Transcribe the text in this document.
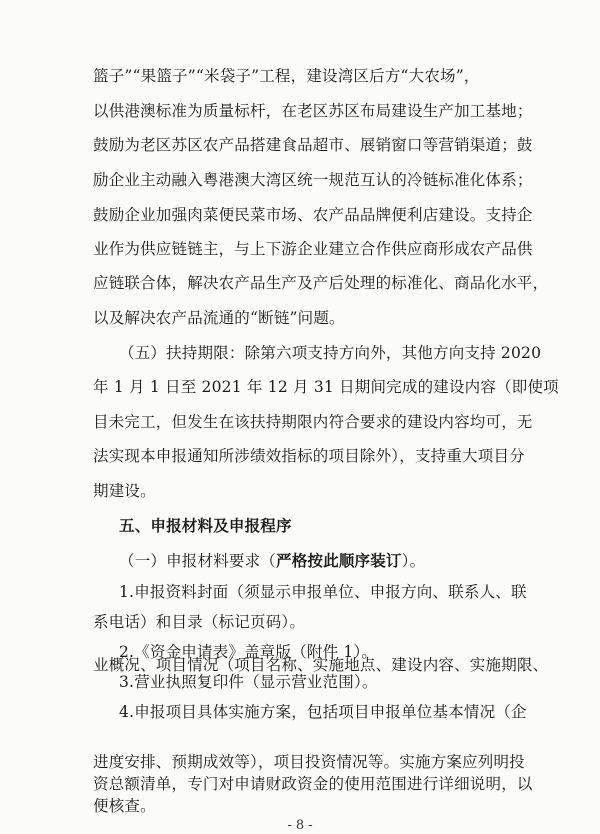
篮子”“果篮子”“米袋子”工程，建设湾区后方“大农场”，
以供港澳标准为质量标杆，在老区苏区布局建设生产加工基地；
鼓励为老区苏区农产品搭建食品超市、展销窗口等营销渠道；鼓
励企业主动融入粤港澳大湾区统一规范互认的冷链标准化体系；
鼓励企业加强肉菜便民菜市场、农产品品牌便利店建设。支持企
业作为供应链链主，与上下游企业建立合作供应商形成农产品供
应链联合体，解决农产品生产及产后处理的标准化、商品化水平，
以及解决农产品流通的“断链”问题。
（五）扶持期限：除第六项支持方向外，其他方向支持 2020
年 1 月 1 日至 2021 年 12 月 31 日期间完成的建设内容（即使项
目未完工，但发生在该扶持期限内符合要求的建设内容均可，无
法实现本申报通知所涉绩效指标的项目除外），支持重大项目分
期建设。
五、申报材料及申报程序
（一）申报材料要求（严格按此顺序装订）。
1.申报资料封面（须显示申报单位、申报方向、联系人、联
系电话）和目录（标记页码）。
2.《资金申请表》盖章版（附件 1）。
3.营业执照复印件（显示营业范围）。
4.申报项目具体实施方案，包括项目申报单位基本情况（企
业概况、项目情况（项目名称、实施地点、建设内容、实施期限、
进度安排、预期成效等），项目投资情况等。实施方案应列明投
资总额清单，专门对申请财政资金的使用范围进行详细说明，以
便核查。
- 8 -
